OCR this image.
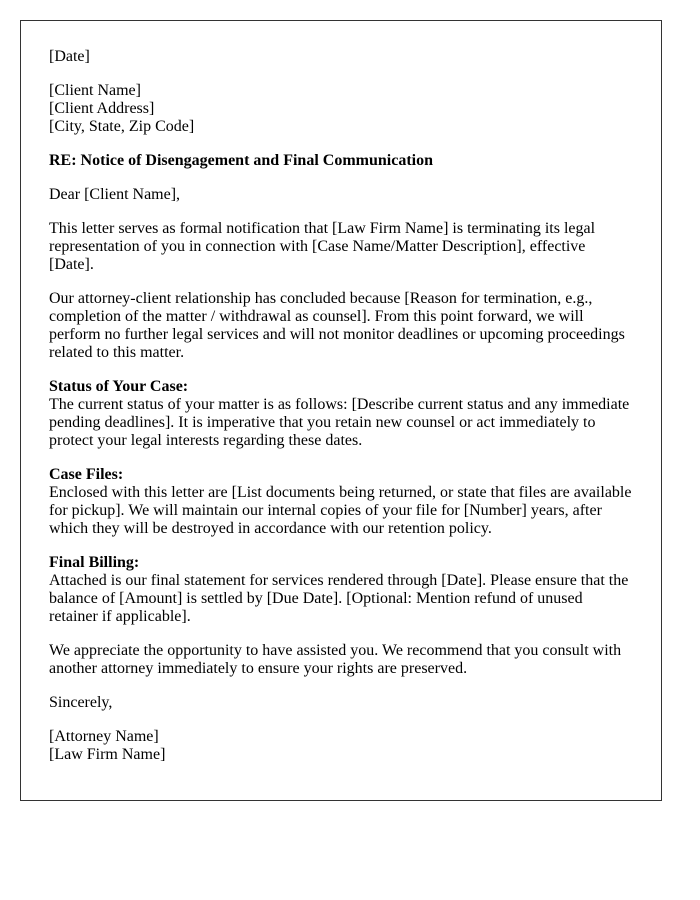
[Date]

[Client Name]
[Client Address]
[City, State, Zip Code]

RE: Notice of Disengagement and Final Communication

Dear [Client Name],

This letter serves as formal notification that [Law Firm Name] is terminating its legal representation of you in connection with [Case Name/Matter Description], effective [Date].

Our attorney-client relationship has concluded because [Reason for termination, e.g., completion of the matter / withdrawal as counsel]. From this point forward, we will perform no further legal services and will not monitor deadlines or upcoming proceedings related to this matter.

Status of Your Case:
The current status of your matter is as follows: [Describe current status and any immediate pending deadlines]. It is imperative that you retain new counsel or act immediately to protect your legal interests regarding these dates.

Case Files:
Enclosed with this letter are [List documents being returned, or state that files are available for pickup]. We will maintain our internal copies of your file for [Number] years, after which they will be destroyed in accordance with our retention policy.

Final Billing:
Attached is our final statement for services rendered through [Date]. Please ensure that the balance of [Amount] is settled by [Due Date]. [Optional: Mention refund of unused retainer if applicable].

We appreciate the opportunity to have assisted you. We recommend that you consult with another attorney immediately to ensure your rights are preserved.

Sincerely,

[Attorney Name]
[Law Firm Name]
